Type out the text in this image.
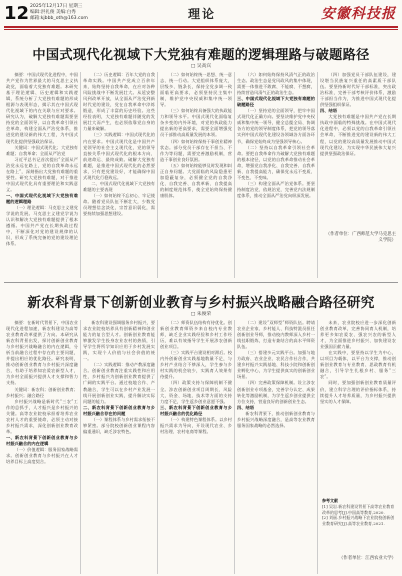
12 2025年12月17日 星期三
编辑:洪礼俊 美编:白秀
邮箱:kjbbb_oth@163.com	理论	安徽科技报
中国式现代化视域下大党独有难题的逻辑理路与破题路径
□ 吴高宾

摘要：中国式现代化进程中，中国共产党作为世界最大的马克思主义执政党，面临着大党独有难题。本研究基于理论逻辑、历史逻辑和实践逻辑，系统分析了大党独有难题的形成根源与表现形态，揭示其在中国式现代化视域下的内在关联与应对要求。研究认为，破解大党独有难题需要坚持党的全面领导，以自我革命引领社会革命，构建全面从严治党体系，推进党的建设新的伟大工程，为中国式现代化提供坚强政治保证。

关键词：中国式现代化；大党独有难题；自我革命；全面从严治党

习近平总书记首次提出“全面从严治党永远在路上，党的自我革命永远在路上”，深刻指出大党独有难题的重要性。研究大党独有难题，对于推进中国式现代化具有重要理论和实践意义。

一、中国式现代化视域下大党独有难题的逻辑理路

（一）理论逻辑：马克思主义建党学说的发展。马克思主义建党学说为认识和解决大党独有难题提供了根本遵循。中国共产党在长期执政过程中，不断深化对党的建设规律的认识，形成了系统完备的党的建设理论体系。

（二）历史逻辑：百年大党的自我革命实践。中国共产党成立百余年来，始终坚持自我革命，在应对各种风险挑战中不断发展壮大。从延安整风到改革开放，从全面从严治党到新时代党的建设，党在自我革命中淬炼锻造，形成了丰富的历史经验。这些经验表明，大党独有难题伴随党的发展壮大而产生，也必须依靠党自身的力量来破解。

（三）实践逻辑：中国式现代化的内在要求。中国式现代化是中国共产党领导的社会主义现代化，党的领导直接关系中国式现代化的根本方向、前途命运、最终成败。破解大党独有难题，是推进中国式现代化的必然要求，只有把党建设好，才能确保中国式现代化行稳致远。

二、中国式现代化视域下大党独有难题的主要表现

（一）如何始终不忘初心、牢记使命。随着党员队伍不断壮大，少数党员理想信念淡化，宗旨意识弱化，需要持续加强思想建设。

（二）如何始终统一思想、统一意志、统一行动。大党组织体系庞大，层级多、链条长，保持全党步调一致面临更高要求，必须坚持民主集中制，维护党中央权威和集中统一领导。

（三）如何始终具备强大的执政能力和领导水平。中国式现代化面临复杂多变的内外环境，对党的执政能力提出新的更高要求，需要全面增强党员干部推动高质量发展的本领。

（四）如何始终保持干事创业精神状态。部分党员干部存在不担当、不作为等问题，需要完善激励机制，营造干事创业良好氛围。

（五）如何始终能够及时发现和纠正自身问题。大党面临的风险隐患更加隐蔽复杂，必须健全党的自我净化、自我完善、自我革新、自我提高的制度规范体系，使全党始终保持健康肌体。

（六）如何始终保持风清气正的政治生态。政治生态是党风政风的集中体现，需要一体推进不敢腐、不能腐、不想腐，持续营造风清气正的政治生态。

三、中国式现代化视域下大党独有难题的破题路径

（一）坚持党的全面领导，把牢中国式现代化正确方向。要坚决维护党中央权威和集中统一领导，健全总揽全局、协调各方的党的领导制度体系，把党的领导落实到中国式现代化建设各领域各方面各环节，确保党始终成为坚强领导核心。

（二）坚持以自我革命引领社会革命。要把自我革命作为破解大党独有难题的根本途径，以党的自我革命推动社会革命，增强党自我净化、自我完善、自我革新、自我提高能力，确保党永远不变质、不变色、不变味。

（三）构建全面从严治党体系。要坚持制度治党、依规治党，完善党内法规制度体系，推动全面从严治党向纵深发展。

（四）加强党员干部队伍建设，建设堪当民族复兴重任的高素质干部队伍。要坚持新时代好干部标准，突出政治标准，完善干部考核评价体系，激励干部担当作为，为推进中国式现代化提供坚强组织保证。

四、结语

大党独有难题是中国共产党在长期执政中面临的特殊挑战。在中国式现代化进程中，必须以党的自我革命引领社会革命，不断推进党的建设新的伟大工程，以党的建设高质量发展推动中国式现代化建设，为实现中华民族伟大复兴提供坚强政治保证。

（作者单位：广西师范大学马克思主义学院）
新农科背景下创新创业教育与乡村振兴战略融合路径研究
□ 朱俊荣

摘要：在新时代背景下，中国农业现代化进程加速，新农科建设为高等农业教育改革提供了方向。本研究从新农科背景出发，探讨创新创业教育与乡村振兴战略融合的内在逻辑，分析当前融合过程中存在的主要问题，并提出相应的优化路径。研究表明，推动创新创业教育与乡村振兴深度融合，有助于培养知农爱农新型人才，为乡村全面振兴提供人才支撑和智力支持。

关键词：新农科；创新创业教育；乡村振兴；融合路径

乡村振兴战略是新时代“三农”工作的总抓手，人才振兴是乡村振兴的关键。高等农业院校承担着培养农业农村人才的重要使命，必须主动对接乡村振兴需求，深化创新创业教育改革。

一、新农科背景下创新创业教育与乡村振兴融合的内在逻辑

（一）价值逻辑：服务国家战略需求。创新创业教育与乡村振兴在人才培养目标上高度契合。

新农科建设强调服务乡村振兴，要求农业院校培养具有创新精神和创业能力的复合型人才。创新创业教育能够激发学生投身农业农村的热情，引导学生将所学知识应用于乡村发展实践，实现个人价值与社会价值的统一。

（二）实践逻辑：推动产教深度融合。创新创业教育注重实践性和应用性，乡村振兴为创新创业教育提供了广阔的实践平台。通过校地合作、产教融合，学生可以在乡村产业发展一线开展创新创业实践，提升解决实际问题的能力。

二、新农科背景下创新创业教育与乡村振兴融合存在的问题

（一）课程体系与乡村需求衔接不够紧密。部分院校创新创业课程内容偏重通识，缺乏涉农特色。

（二）师资队伍结构有待优化。创新创业教育师资多来自校内专业教师，缺乏企业实践经验和乡村工作经历，难以有效指导学生开展涉农创新创业项目。

（三）实践平台建设相对滞后。校内外创新创业实践基地数量不足，与乡村产业结合不够深入，学生参与乡村实践的机会较少，实践育人效果有待提升。

（四）政策支持与保障机制不健全。涉农创新创业项目周期长、风险大，资金、场地、技术等方面的支持力度不足，学生返乡创业意愿不强。

三、新农科背景下创新创业教育与乡村振兴融合的优化路径

（一）构建特色课程体系。以乡村振兴需求为导向，开设现代农业、乡村治理、农村电商等课程。

（二）建设“双师型”师资队伍。聘请农业企业家、乡村能人、科技特派员担任创新创业导师，推动校内教师深入乡村一线挂职锻炼，打造专兼结合的高水平师资队伍。

（三）搭建多元实践平台。加强与地方政府、农业企业、农民合作社合作，共建乡村振兴实践基地、科技小院和创新创业孵化中心，为学生提供真实的创新创业场景。

（四）完善政策保障机制。设立涉农创新创业专项基金，完善学分认定、成果转化等激励机制，为学生返乡创业提供全方位支持，营造良好的创新创业生态。

四、结语

新农科背景下，推动创新创业教育与乡村振兴战略深度融合，是高等农业教育服务国家战略的必然选择。

未来，农业院校应进一步深化创新创业教育改革，完善协同育人机制，培养更多知农爱农、强农兴农的新型人才，为全面推进乡村振兴、加快建设农业强国贡献力量。

在实践中，要坚持以学生为中心，以项目为载体，以平台为支撑，推动创新创业教育与专业教育、思政教育有机融合，引导学生扎根乡村、服务“三农”。

同时，要加强创新创业教育质量评价，建立科学合理的评价指标体系，持续提升人才培养质量，为乡村振兴提供坚实的人才保障。

参考文献
[1] 吴岩.新农科建设背景下高等农业教育改革的思考[J].中国高等教育,2020.
[2] 刘丽.乡村振兴战略下农业院校创新创业教育研究[J].高等农业教育,2021.
（作者单位：江西农业大学）
